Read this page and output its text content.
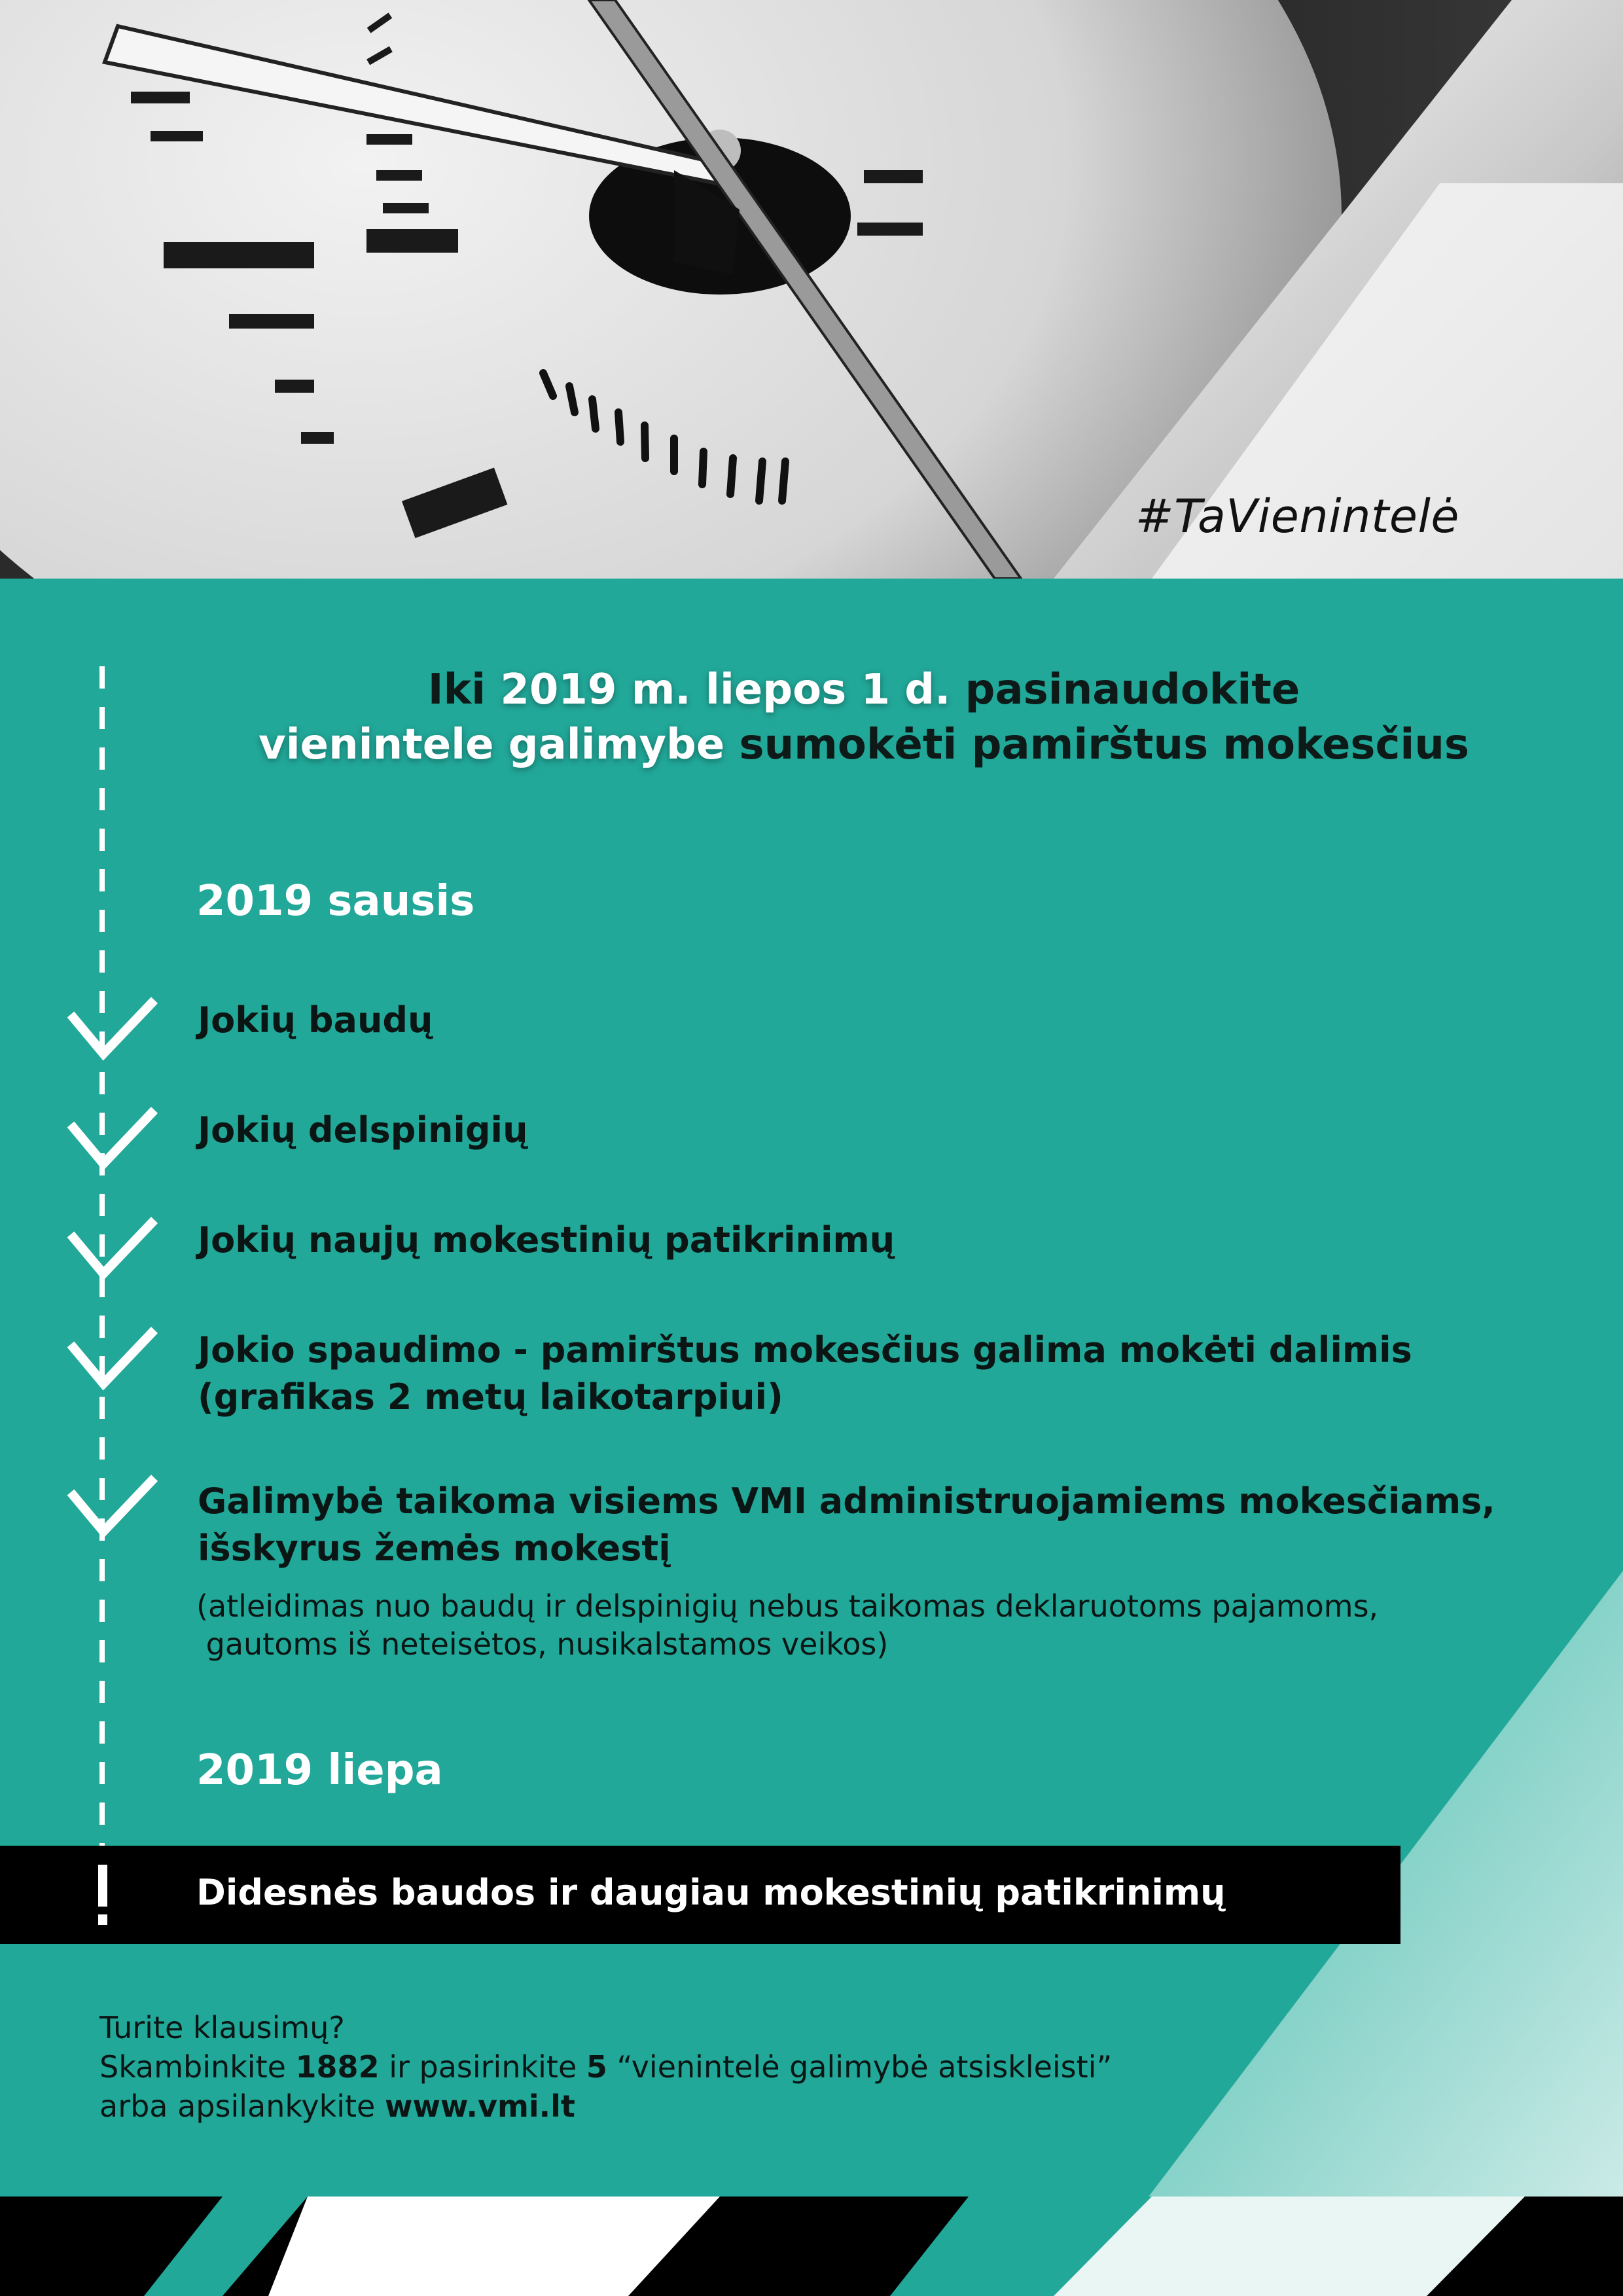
#TaVienintelė
Iki 2019 m. liepos 1 d. pasinaudokite
vienintele galimybe sumokėti pamirštus mokesčius
2019 sausis
Jokių baudų
Jokių delspinigių
Jokių naujų mokestinių patikrinimų
Jokio spaudimo - pamirštus mokesčius galima mokėti dalimis
(grafikas 2 metų laikotarpiui)
Galimybė taikoma visiems VMI administruojamiems mokesčiams,
išskyrus žemės mokestį
(atleidimas nuo baudų ir delspinigių nebus taikomas deklaruotoms pajamoms,
gautoms iš neteisėtos, nusikalstamos veikos)
2019 liepa
Didesnės baudos ir daugiau mokestinių patikrinimų
Turite klausimų?
Skambinkite 1882 ir pasirinkite 5 “vienintelė galimybė atsiskleisti”
arba apsilankykite www.vmi.lt
